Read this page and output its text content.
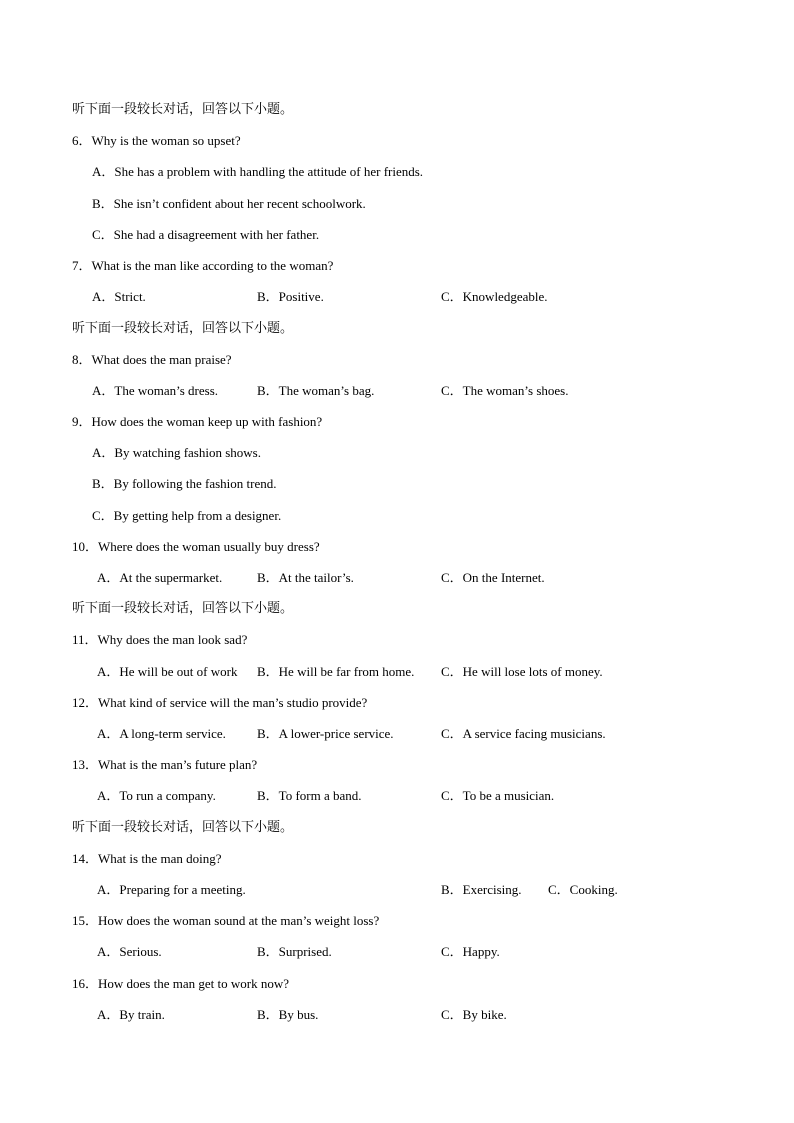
听下面一段较长对话，回答以下小题。
6．Why is the woman so upset?
A．She has a problem with handling the attitude of her friends.
B．She isn’t confident about her recent schoolwork.
C．She had a disagreement with her father.
7．What is the man like according to the woman?
A．Strict.	B．Positive.	C．Knowledgeable.
听下面一段较长对话，回答以下小题。
8．What does the man praise?
A．The woman’s dress.	B．The woman’s bag.	C．The woman’s shoes.
9．How does the woman keep up with fashion?
A．By watching fashion shows.
B．By following the fashion trend.
C．By getting help from a designer.
10．Where does the woman usually buy dress?
A．At the supermarket.	B．At the tailor’s.	C．On the Internet.
听下面一段较长对话，回答以下小题。
11．Why does the man look sad?
A．He will be out of work B．He will be far from home. C．He will lose lots of money.
12．What kind of service will the man’s studio provide?
A．A long-term service. B．A lower-price service.	C．A service facing musicians.
13．What is the man’s future plan?
A．To run a company.	B．To form a band.	C．To be a musician.
听下面一段较长对话，回答以下小题。
14．What is the man doing?
A．Preparing for a meeting.	B．Exercising. C．Cooking.
15．How does the woman sound at the man’s weight loss?
A．Serious.	B．Surprised.	C．Happy.
16．How does the man get to work now?
A．By train.	B．By bus.	C．By bike.
